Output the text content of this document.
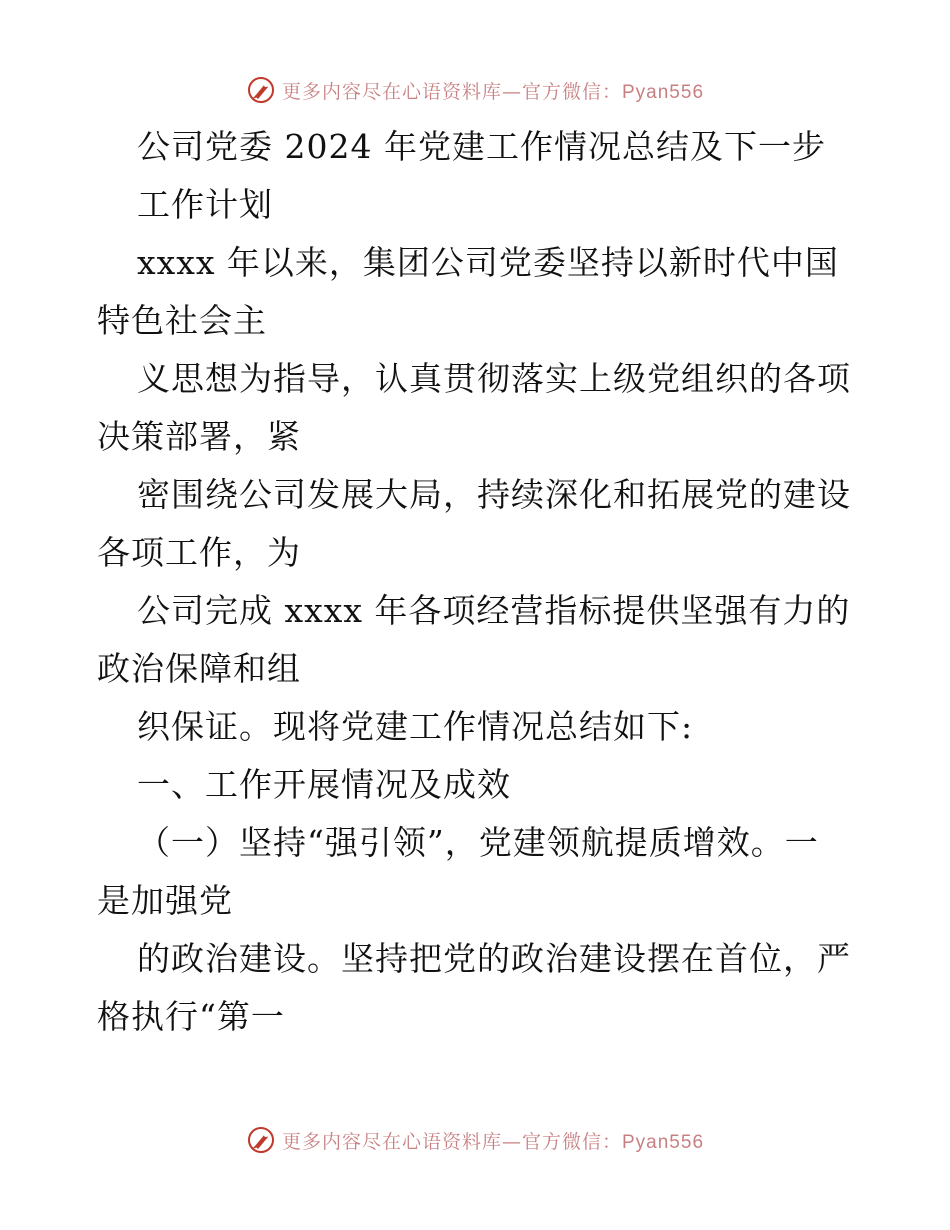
更多内容尽在心语资料库—官方微信：Pyan556
公司党委 2024 年党建工作情况总结及下一步
工作计划
xxxx 年以来，集团公司党委坚持以新时代中国
特色社会主
义思想为指导，认真贯彻落实上级党组织的各项
决策部署，紧
密围绕公司发展大局，持续深化和拓展党的建设
各项工作，为
公司完成 xxxx 年各项经营指标提供坚强有力的
政治保障和组
织保证。现将党建工作情况总结如下:
一、工作开展情况及成效
（一）坚持“强引领”，党建领航提质增效。一
是加强党
的政治建设。坚持把党的政治建设摆在首位，严
格执行“第一
更多内容尽在心语资料库—官方微信：Pyan556
